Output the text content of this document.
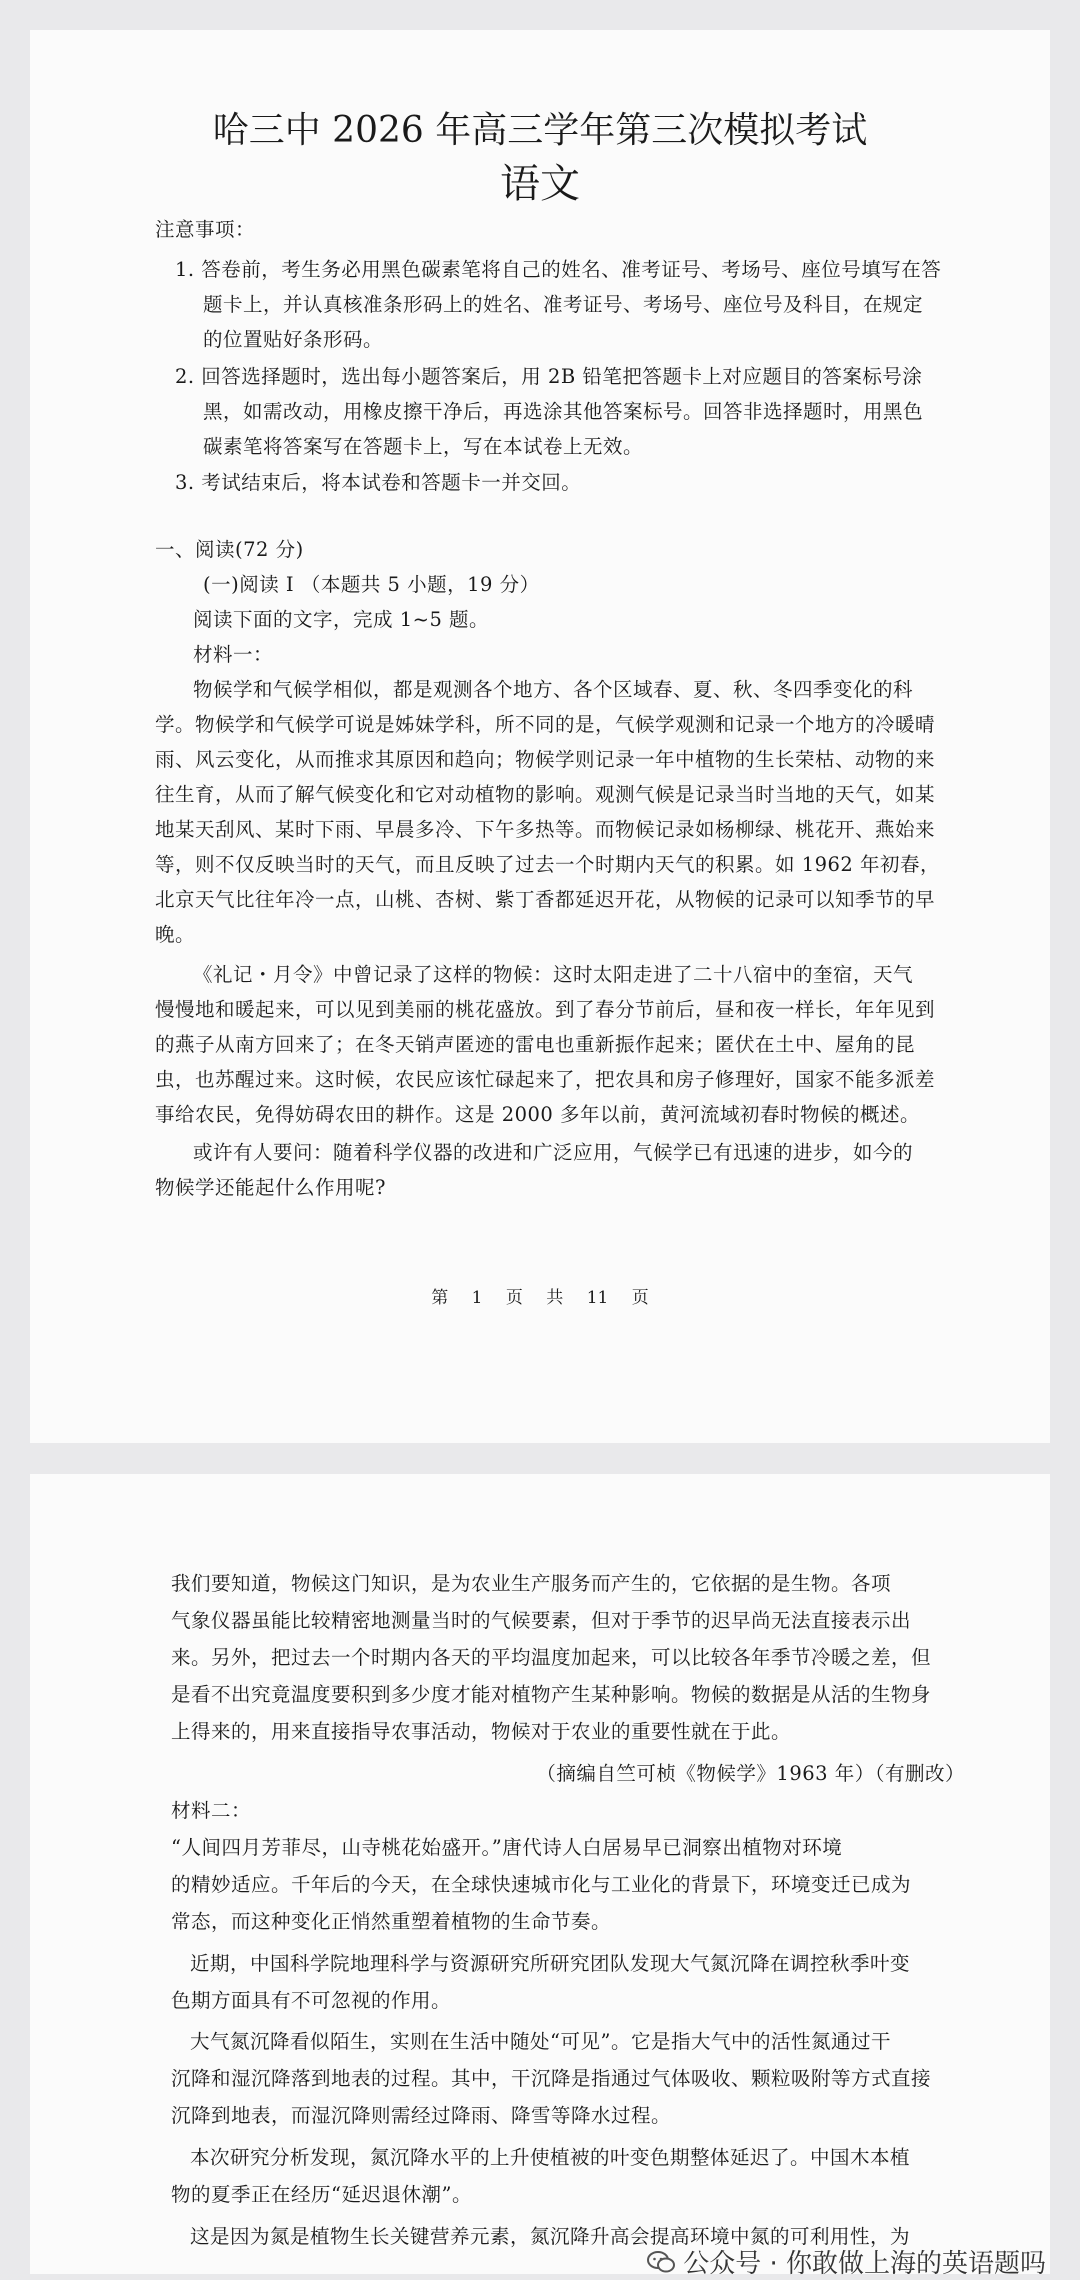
哈三中 2026 年高三学年第三次模拟考试
语文
注意事项：
1. 答卷前，考生务必用黑色碳素笔将自己的姓名、准考证号、考场号、座位号填写在答
题卡上，并认真核准条形码上的姓名、准考证号、考场号、座位号及科目，在规定
的位置贴好条形码。
2. 回答选择题时，选出每小题答案后，用 2B 铅笔把答题卡上对应题目的答案标号涂
黑，如需改动，用橡皮擦干净后，再选涂其他答案标号。回答非选择题时，用黑色
碳素笔将答案写在答题卡上，写在本试卷上无效。
3. 考试结束后，将本试卷和答题卡一并交回。
一、阅读(72 分)
(一)阅读 I （本题共 5 小题，19 分）
阅读下面的文字，完成 1~5 题。
材料一：
物候学和气候学相似，都是观测各个地方、各个区域春、夏、秋、冬四季变化的科
学。物候学和气候学可说是姊妹学科，所不同的是，气候学观测和记录一个地方的冷暖晴
雨、风云变化，从而推求其原因和趋向；物候学则记录一年中植物的生长荣枯、动物的来
往生育，从而了解气候变化和它对动植物的影响。观测气候是记录当时当地的天气，如某
地某天刮风、某时下雨、早晨多冷、下午多热等。而物候记录如杨柳绿、桃花开、燕始来
等，则不仅反映当时的天气，而且反映了过去一个时期内天气的积累。如 1962 年初春，
北京天气比往年冷一点，山桃、杏树、紫丁香都延迟开花，从物候的记录可以知季节的早
晚。
《礼记・月令》中曾记录了这样的物候：这时太阳走进了二十八宿中的奎宿，天气
慢慢地和暖起来，可以见到美丽的桃花盛放。到了春分节前后，昼和夜一样长，年年见到
的燕子从南方回来了；在冬天销声匿迹的雷电也重新振作起来；匿伏在土中、屋角的昆
虫，也苏醒过来。这时候，农民应该忙碌起来了，把农具和房子修理好，国家不能多派差
事给农民，免得妨碍农田的耕作。这是 2000 多年以前，黄河流域初春时物候的概述。
或许有人要问：随着科学仪器的改进和广泛应用，气候学已有迅速的进步，如今的
物候学还能起什么作用呢?
第 1 页 共 11 页
我们要知道，物候这门知识，是为农业生产服务而产生的，它依据的是生物。各项
气象仪器虽能比较精密地测量当时的气候要素，但对于季节的迟早尚无法直接表示出
来。另外，把过去一个时期内各天的平均温度加起来，可以比较各年季节冷暖之差，但
是看不出究竟温度要积到多少度才能对植物产生某种影响。物候的数据是从活的生物身
上得来的，用来直接指导农事活动，物候对于农业的重要性就在于此。
（摘编自竺可桢《物候学》1963 年）（有删改）
材料二：
“人间四月芳菲尽，山寺桃花始盛开。”唐代诗人白居易早已洞察出植物对环境
的精妙适应。千年后的今天，在全球快速城市化与工业化的背景下，环境变迁已成为
常态，而这种变化正悄然重塑着植物的生命节奏。
近期，中国科学院地理科学与资源研究所研究团队发现大气氮沉降在调控秋季叶变
色期方面具有不可忽视的作用。
大气氮沉降看似陌生，实则在生活中随处“可见”。它是指大气中的活性氮通过干
沉降和湿沉降落到地表的过程。其中，干沉降是指通过气体吸收、颗粒吸附等方式直接
沉降到地表，而湿沉降则需经过降雨、降雪等降水过程。
本次研究分析发现，氮沉降水平的上升使植被的叶变色期整体延迟了。中国木本植
物的夏季正在经历“延迟退休潮”。
这是因为氮是植物生长关键营养元素，氮沉降升高会提高环境中氮的可利用性，为
公众号 · 你敢做上海的英语题吗
